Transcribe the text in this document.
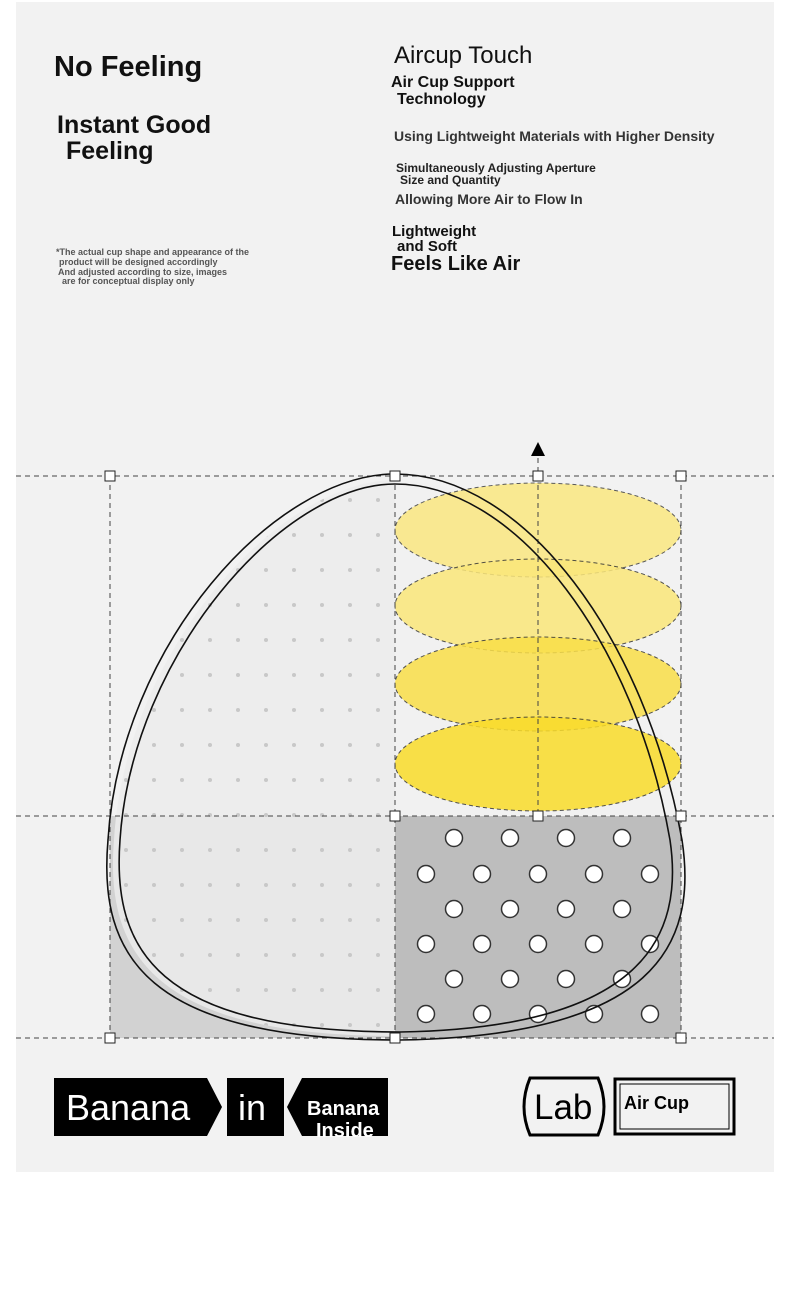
No Feeling
Instant Good
Feeling
*The actual cup shape and appearance of the
product will be designed accordingly
And adjusted according to size, images
are for conceptual display only
Aircup Touch
Air Cup Support
Technology
Using Lightweight Materials with Higher Density
Simultaneously Adjusting Aperture
Size and Quantity
Allowing More Air to Flow In
Lightweight
and Soft
Feels Like Air
Banana in Banana
Inside
Lab Air Cup
